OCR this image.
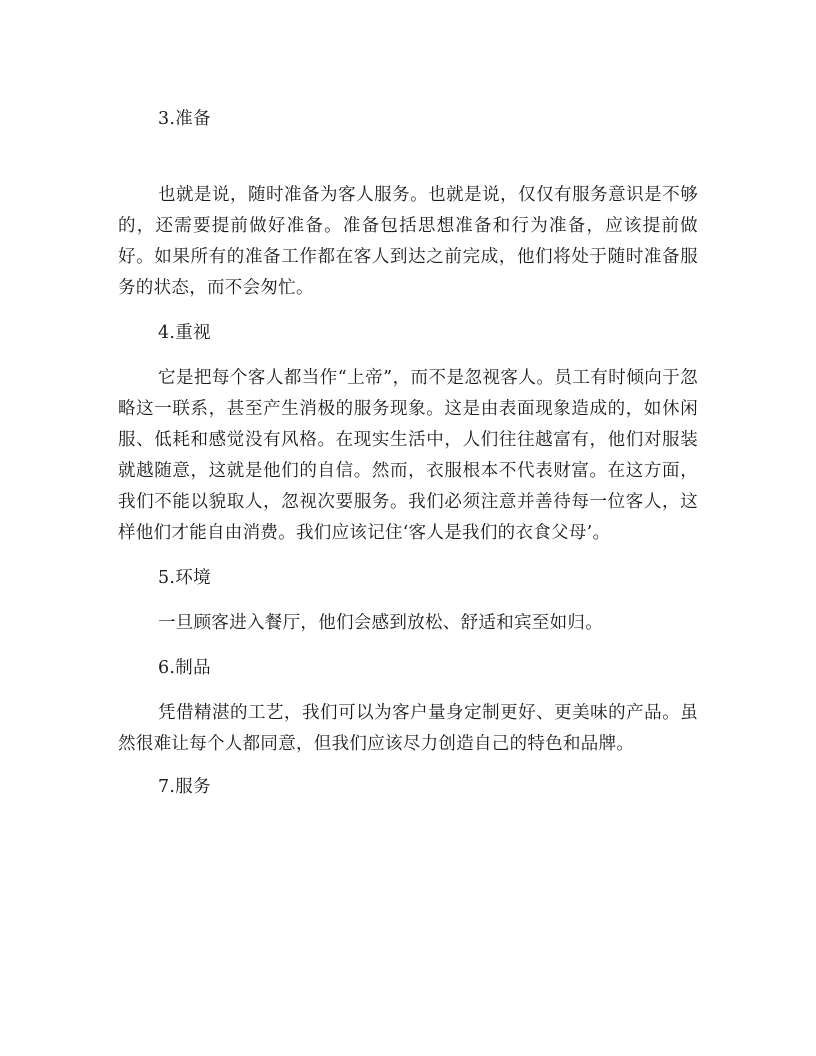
3.准备

也就是说，随时准备为客人服务。也就是说，仅仅有服务意识是不够的，还需要提前做好准备。准备包括思想准备和行为准备，应该提前做好。如果所有的准备工作都在客人到达之前完成，他们将处于随时准备服务的状态，而不会匆忙。

4.重视

它是把每个客人都当作“上帝”，而不是忽视客人。员工有时倾向于忽略这一联系，甚至产生消极的服务现象。这是由表面现象造成的，如休闲服、低耗和感觉没有风格。在现实生活中，人们往往越富有，他们对服装就越随意，这就是他们的自信。然而，衣服根本不代表财富。在这方面，我们不能以貌取人，忽视次要服务。我们必须注意并善待每一位客人，这样他们才能自由消费。我们应该记住‘客人是我们的衣食父母’。

5.环境

一旦顾客进入餐厅，他们会感到放松、舒适和宾至如归。

6.制品

凭借精湛的工艺，我们可以为客户量身定制更好、更美味的产品。虽然很难让每个人都同意，但我们应该尽力创造自己的特色和品牌。

7.服务
